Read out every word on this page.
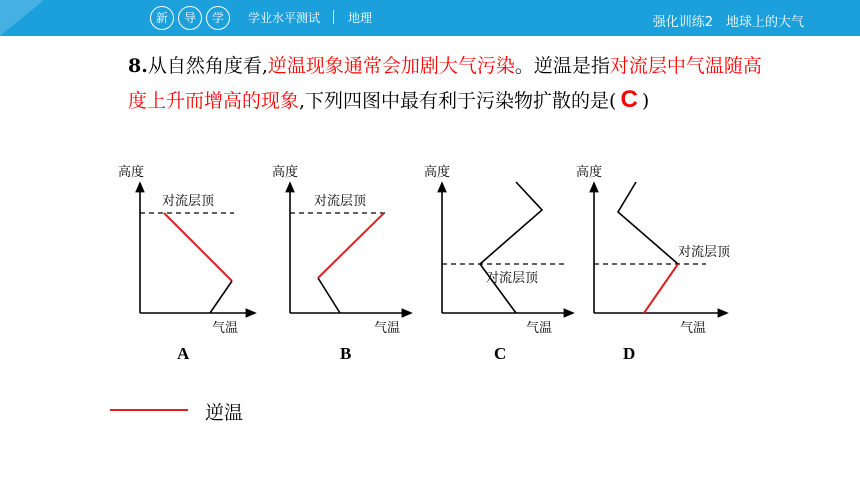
新	导	学	学业水平测试 地理	强化训练2　地球上的大气
8.从自然角度看,逆温现象通常会加剧大气污染。逆温是指对流层中气温随高度上升而增高的现象,下列四图中最有利于污染物扩散的是( C )
高度
气温
对流层顶
高度
气温
对流层顶
高度
气温
对流层顶
高度
气温
对流层顶
A	B	C	D
逆温
